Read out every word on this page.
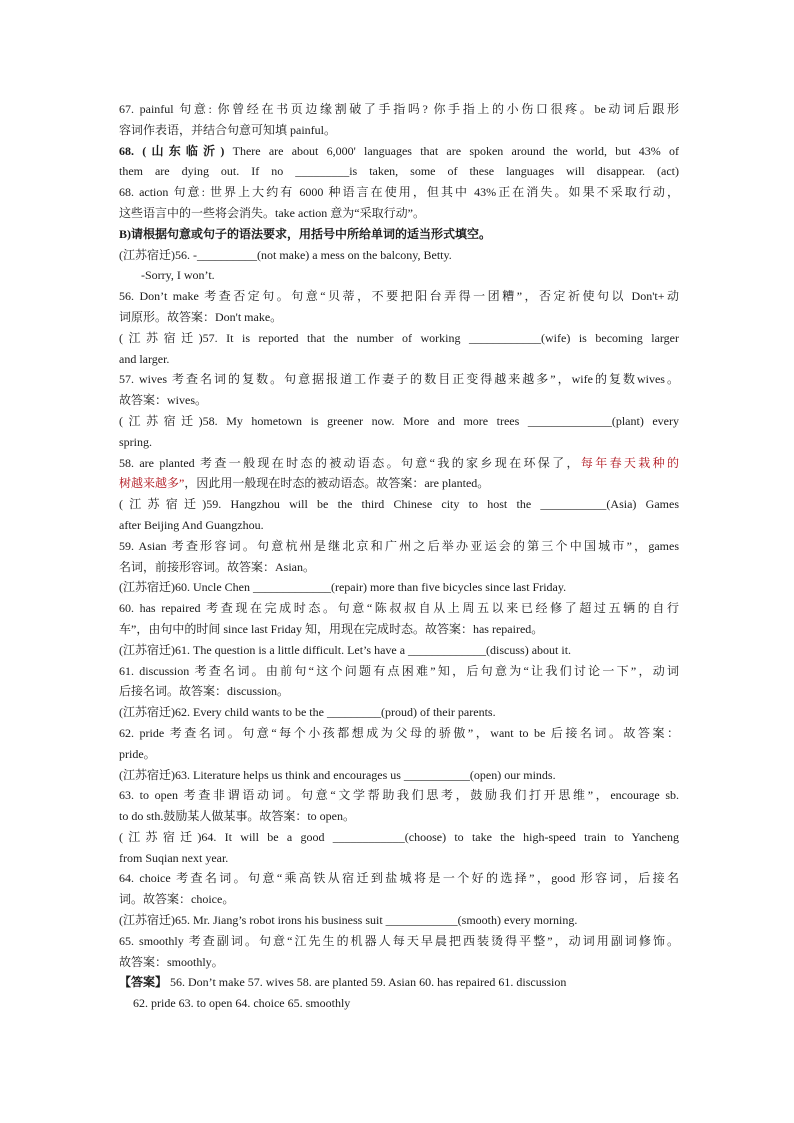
67. painful 句意: 你曾经在书页边缘割破了手指吗? 你手指上的小伤口很疼。be动词后跟形
容词作表语，并结合句意可知填 painful。
68. (山东临沂) There are about 6,000' languages that are spoken around the world, but 43% of
them are dying out. If no _________is taken, some of these languages will disappear. (act)
68. action 句意: 世界上大约有 6000 种语言在使用，但其中 43%正在消失。如果不采取行动，
这些语言中的一些将会消失。take action 意为“采取行动”。
B)请根据句意或句子的语法要求，用括号中所给单词的适当形式填空。
(江苏宿迁)56. -__________(not make) a mess on the balcony, Betty.
-Sorry, I won’t.
56. Don’t make 考查否定句。句意“贝蒂，不要把阳台弄得一团糟”，否定祈使句以 Don't+动
词原形。故答案：Don't make。
(江苏宿迁)57. It is reported that the number of working ____________(wife) is becoming larger
and larger.
57. wives 考查名词的复数。句意据报道工作妻子的数目正变得越来越多”，wife的复数wives。
故答案：wives。
(江苏宿迁)58. My hometown is greener now. More and more trees ______________(plant) every
spring.
58. are planted 考查一般现在时态的被动语态。句意“我的家乡现在环保了，每年春天栽种的
树越来越多”，因此用一般现在时态的被动语态。故答案：are planted。
(江苏宿迁)59. Hangzhou will be the third Chinese city to host the ___________(Asia) Games
after Beijing And Guangzhou.
59. Asian 考查形容词。句意杭州是继北京和广州之后举办亚运会的第三个中国城市”，games
名词，前接形容词。故答案：Asian。
(江苏宿迁)60. Uncle Chen _____________(repair) more than five bicycles since last Friday.
60. has repaired 考查现在完成时态。句意“陈叔叔自从上周五以来已经修了超过五辆的自行
车”，由句中的时间 since last Friday 知，用现在完成时态。故答案：has repaired。
(江苏宿迁)61. The question is a little difficult. Let’s have a _____________(discuss) about it.
61. discussion 考查名词。由前句“这个问题有点困难”知，后句意为“让我们讨论一下”，动词
后接名词。故答案：discussion。
(江苏宿迁)62. Every child wants to be the _________(proud) of their parents.
62. pride 考查名词。句意“每个小孩都想成为父母的骄傲”，want to be 后接名词。故答案：
pride。
(江苏宿迁)63. Literature helps us think and encourages us ___________(open) our minds.
63. to open 考查非谓语动词。句意“文学帮助我们思考，鼓励我们打开思维”，encourage sb.
to do sth.鼓励某人做某事。故答案：to open。
(江苏宿迁)64. It will be a good ____________(choose) to take the high-speed train to Yancheng
from Suqian next year.
64. choice 考查名词。句意“乘高铁从宿迁到盐城将是一个好的选择”，good 形容词，后接名
词。故答案：choice。
(江苏宿迁)65. Mr. Jiang’s robot irons his business suit ____________(smooth) every morning.
65. smoothly 考查副词。句意“江先生的机器人每天早晨把西装烫得平整”，动词用副词修饰。
故答案：smoothly。
【答案】 56. Don’t make 57. wives 58. are planted 59. Asian 60. has repaired 61. discussion
62. pride 63. to open 64. choice 65. smoothly
